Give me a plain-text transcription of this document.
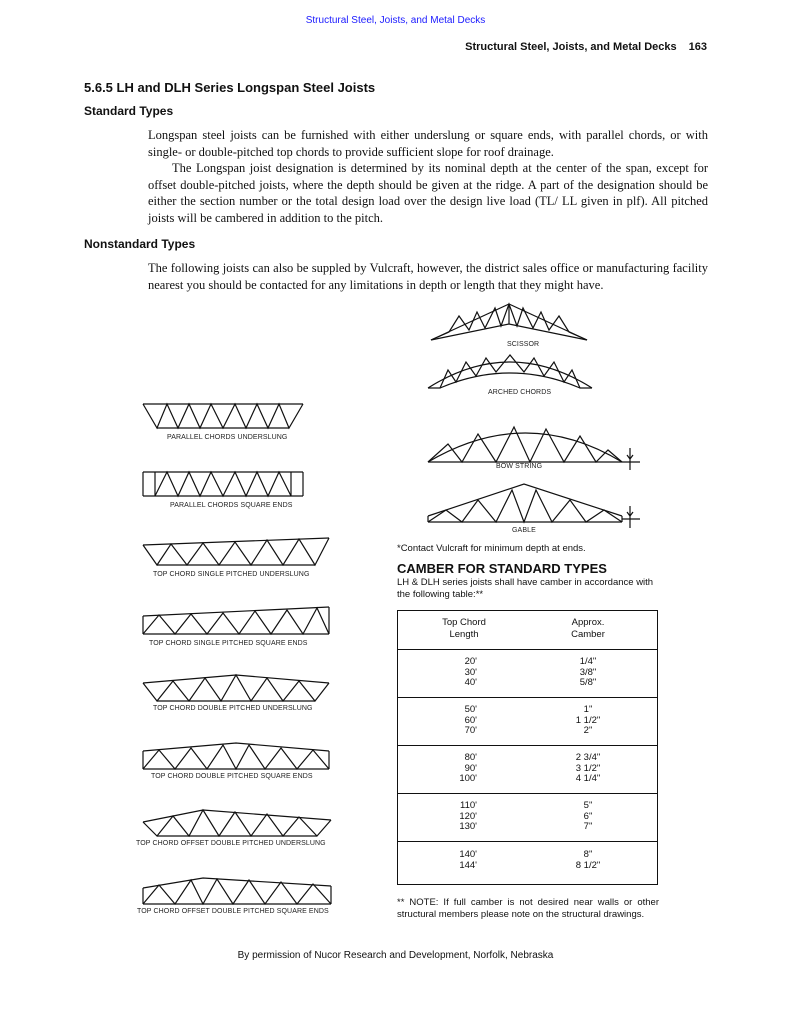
Structural Steel, Joists, and Metal Decks
Structural Steel, Joists, and Metal Decks 163
5.6.5 LH and DLH Series Longspan Steel Joists
Standard Types

Longspan steel joists can be furnished with either underslung or square ends, with parallel chords, or with single- or double-pitched top chords to provide sufficient slope for roof drainage.

The Longspan joist designation is determined by its nominal depth at the center of the span, except for offset double-pitched joists, where the depth should be given at the ridge. A part of the designation should be either the section number or the total design load over the design live load (TL/ LL given in plf). All pitched joists will be cambered in addition to the pitch.

Nonstandard Types

The following joists can also be suppled by Vulcraft, however, the district sales office or manufacturing facility nearest you should be contacted for any limitations in depth or length that they might have.

PARALLEL CHORDS UNDERSLUNG
PARALLEL CHORDS SQUARE ENDS
TOP CHORD SINGLE PITCHED UNDERSLUNG
TOP CHORD SINGLE PITCHED SQUARE ENDS
TOP CHORD DOUBLE PITCHED UNDERSLUNG
TOP CHORD DOUBLE PITCHED SQUARE ENDS
TOP CHORD OFFSET DOUBLE PITCHED UNDERSLUNG
TOP CHORD OFFSET DOUBLE PITCHED SQUARE ENDS
SCISSOR
ARCHED CHORDS
BOW STRING
GABLE
*Contact Vulcraft for minimum depth at ends.
CAMBER FOR STANDARD TYPES
LH & DLH series joists shall have camber in accordance with the following table:**
Top Chord
Length
Approx.
Camber
20'
30'
40'
1/4"
3/8"
5/8"
50'
60'
70'
1"
1 1/2"
2"
80'
90'
100'
2 3/4"
3 1/2"
4 1/4"
110'
120'
130'
5"
6"
7"
140'
144'
8"
8 1/2"
** NOTE: If full camber is not desired near walls or other structural members please note on the structural drawings.
By permission of Nucor Research and Development, Norfolk, Nebraska
